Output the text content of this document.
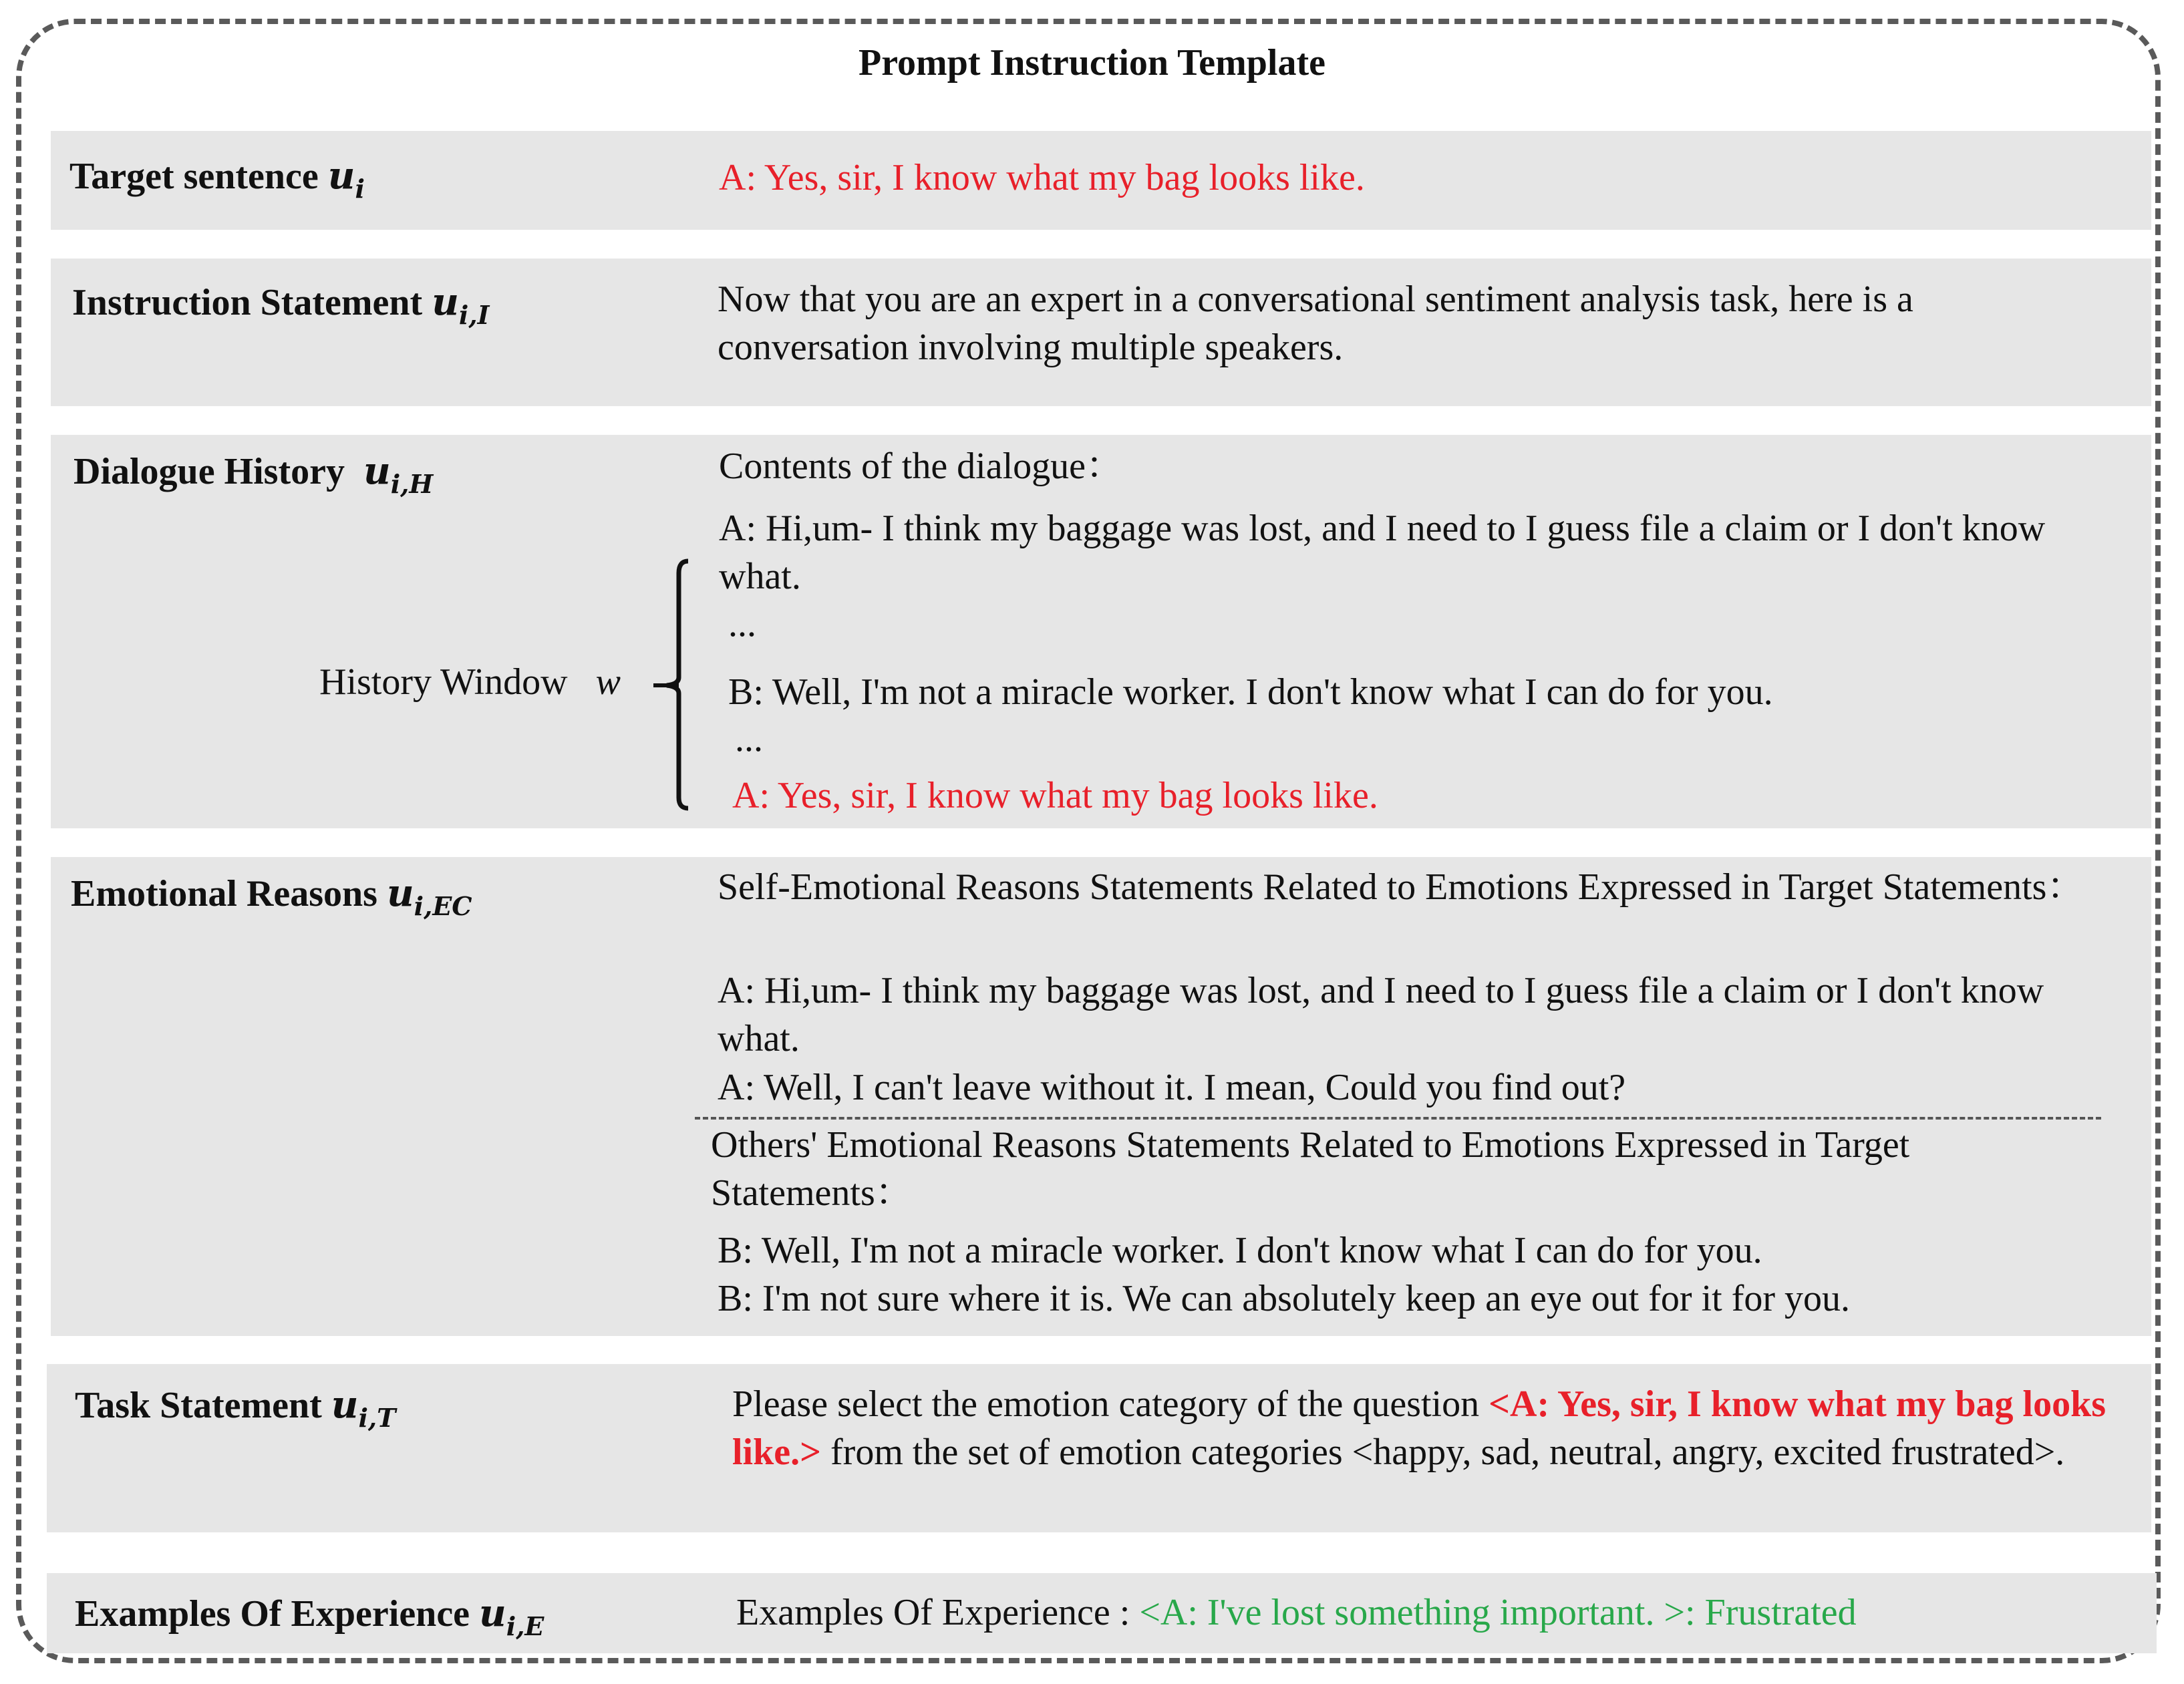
Prompt Instruction Template
Target sentence $u_i$	A: Yes, sir, I know what my bag looks like.
Instruction Statement $u_{i,I}$	Now that you are an expert in a conversational sentiment analysis task, here is a conversation involving multiple speakers.
Dialogue History $u_{i,H}$	Contents of the dialogue：
A: Hi,um- I think my baggage was lost, and I need to I guess file a claim or I don't know what.
...
B: Well, I'm not a miracle worker. I don't know what I can do for you.
...
A: Yes, sir, I know what my bag looks like.
History Window w
Emotional Reasons $u_{i,EC}$	Self-Emotional Reasons Statements Related to Emotions Expressed in Target Statements：
A: Hi,um- I think my baggage was lost, and I need to I guess file a claim or I don't know what.
A: Well, I can't leave without it. I mean, Could you find out?
Others' Emotional Reasons Statements Related to Emotions Expressed in Target Statements：
B: Well, I'm not a miracle worker. I don't know what I can do for you.
B: I'm not sure where it is. We can absolutely keep an eye out for it for you.
Task Statement $u_{i,T}$	Please select the emotion category of the question <A: Yes, sir, I know what my bag looks like.> from the set of emotion categories <happy, sad, neutral, angry, excited frustrated>.
Examples Of Experience $u_{i,E}$	Examples Of Experience : <A: I've lost something important. >: Frustrated
